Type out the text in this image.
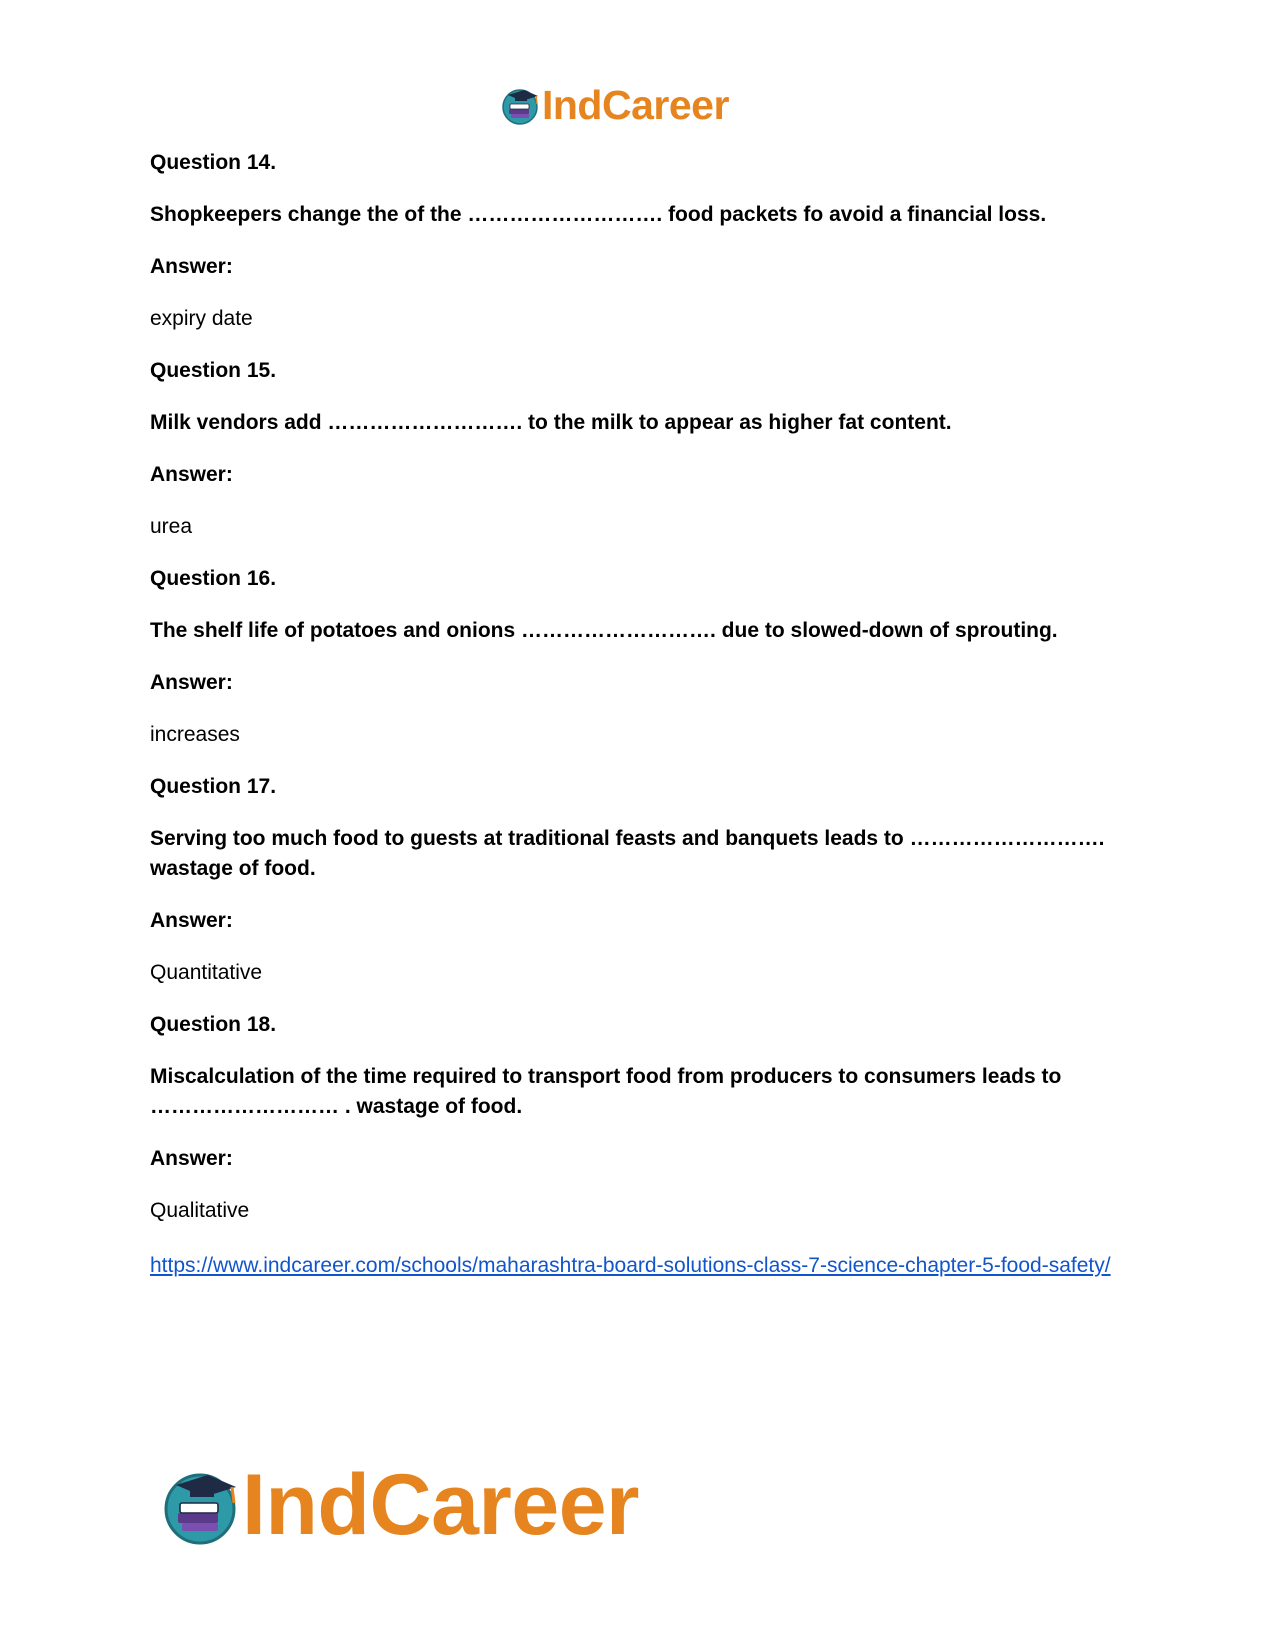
IndCareer

Question 14.

Shopkeepers change the of the ………………………. food packets fo avoid a financial loss.

Answer:

expiry date

Question 15.

Milk vendors add ………………………. to the milk to appear as higher fat content.

Answer:

urea

Question 16.

The shelf life of potatoes and onions ………………………. due to slowed-down of sprouting.

Answer:

increases

Question 17.

Serving too much food to guests at traditional feasts and banquets leads to ………………………. wastage of food.

Answer:

Quantitative

Question 18.

Miscalculation of the time required to transport food from producers to consumers leads to ……………………… . wastage of food.

Answer:

Qualitative

https://www.indcareer.com/schools/maharashtra-board-solutions-class-7-science-chapter-5-food-safety/
IndCareer
